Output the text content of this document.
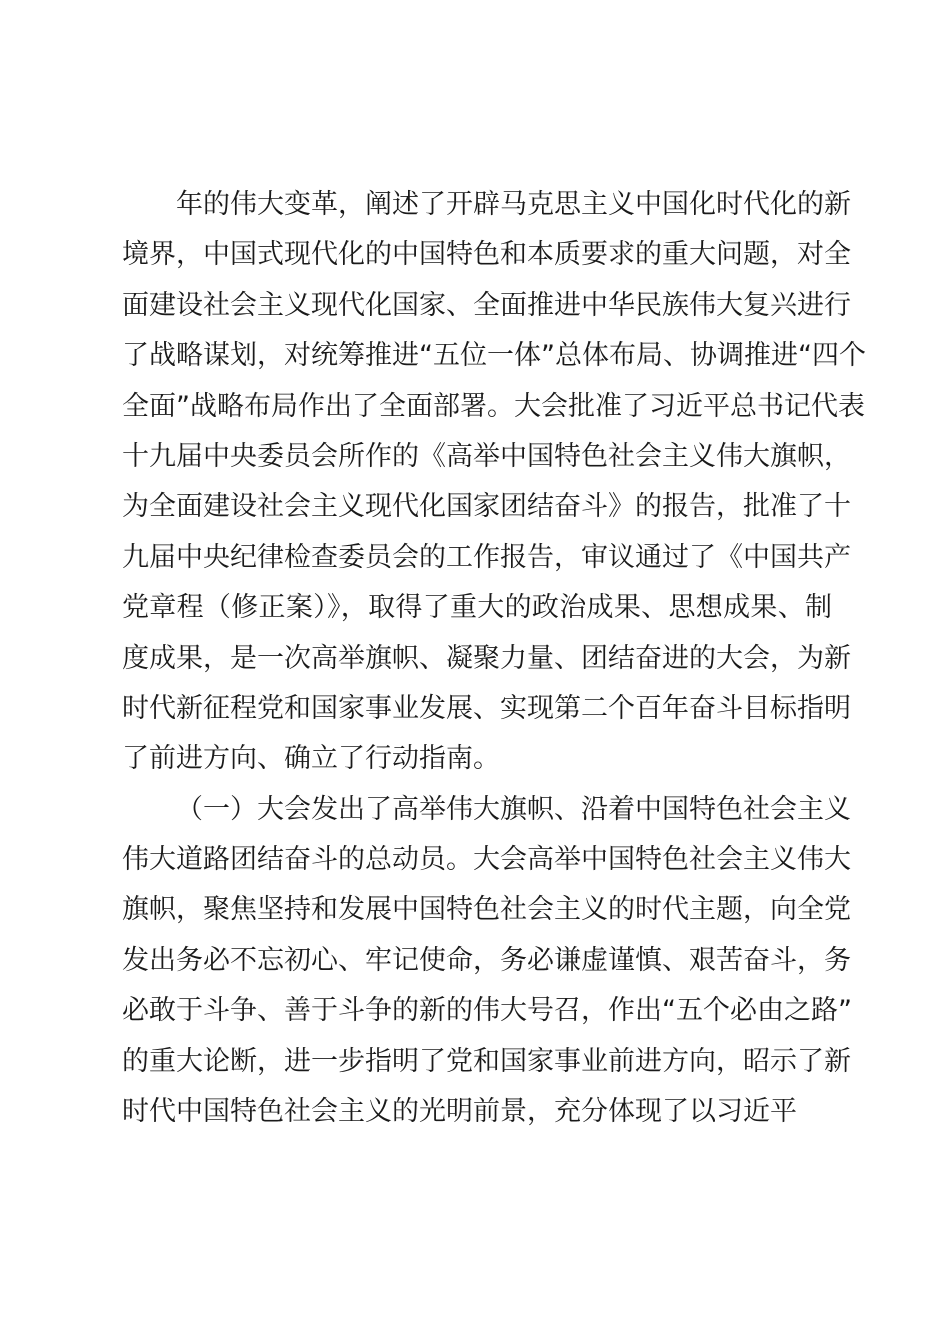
年的伟大变革，阐述了开辟马克思主义中国化时代化的新
境界，中国式现代化的中国特色和本质要求的重大问题，对全
面建设社会主义现代化国家、全面推进中华民族伟大复兴进行
了战略谋划，对统筹推进“五位一体”总体布局、协调推进“四个
全面”战略布局作出了全面部署。大会批准了习近平总书记代表
十九届中央委员会所作的《高举中国特色社会主义伟大旗帜，
为全面建设社会主义现代化国家团结奋斗》的报告，批准了十
九届中央纪律检查委员会的工作报告，审议通过了《中国共产
党章程（修正案）》，取得了重大的政治成果、思想成果、制
度成果，是一次高举旗帜、凝聚力量、团结奋进的大会，为新
时代新征程党和国家事业发展、实现第二个百年奋斗目标指明
了前进方向、确立了行动指南。
（一）大会发出了高举伟大旗帜、沿着中国特色社会主义
伟大道路团结奋斗的总动员。大会高举中国特色社会主义伟大
旗帜，聚焦坚持和发展中国特色社会主义的时代主题，向全党
发出务必不忘初心、牢记使命，务必谦虚谨慎、艰苦奋斗，务
必敢于斗争、善于斗争的新的伟大号召，作出“五个必由之路”
的重大论断，进一步指明了党和国家事业前进方向，昭示了新
时代中国特色社会主义的光明前景，充分体现了以习近平
